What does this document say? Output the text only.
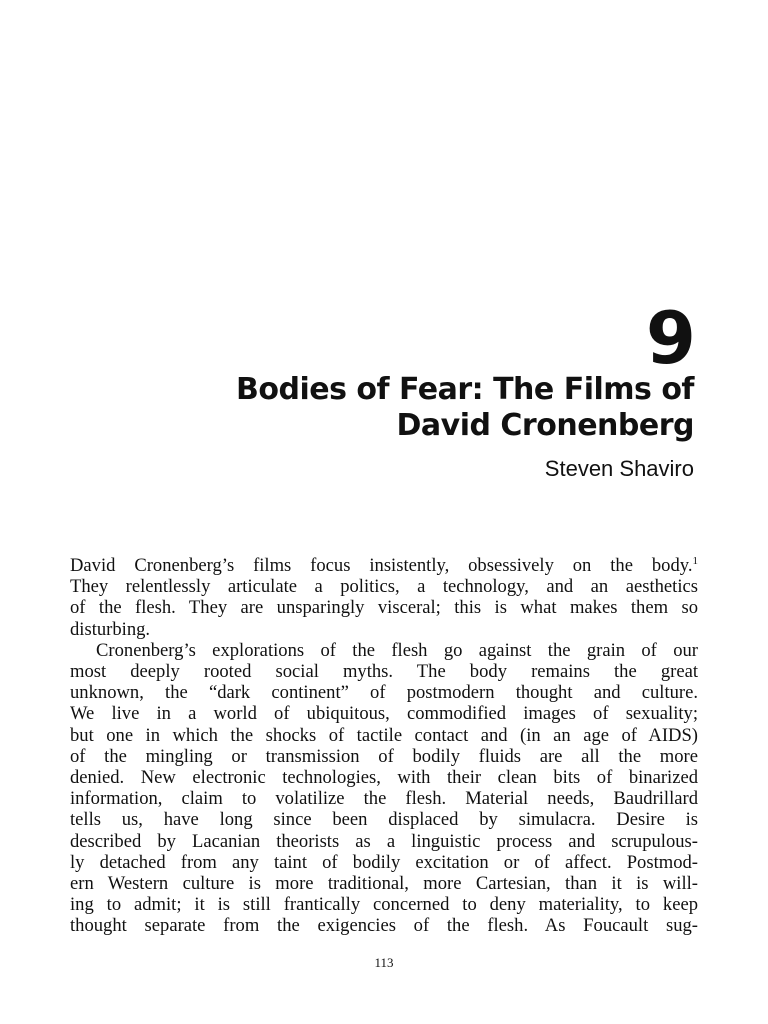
9
Bodies of Fear: The Films of
David Cronenberg
Steven Shaviro
David Cronenberg’s films focus insistently, obsessively on the body.$^1$
They relentlessly articulate a politics, a technology, and an aesthetics
of the flesh. They are unsparingly visceral; this is what makes them so
disturbing.
Cronenberg’s explorations of the flesh go against the grain of our
most deeply rooted social myths. The body remains the great
unknown, the “dark continent” of postmodern thought and culture.
We live in a world of ubiquitous, commodified images of sexuality;
but one in which the shocks of tactile contact and (in an age of AIDS)
of the mingling or transmission of bodily fluids are all the more
denied. New electronic technologies, with their clean bits of binarized
information, claim to volatilize the flesh. Material needs, Baudrillard
tells us, have long since been displaced by simulacra. Desire is
described by Lacanian theorists as a linguistic process and scrupulous-
ly detached from any taint of bodily excitation or of affect. Postmod-
ern Western culture is more traditional, more Cartesian, than it is will-
ing to admit; it is still frantically concerned to deny materiality, to keep
thought separate from the exigencies of the flesh. As Foucault sug-
113
